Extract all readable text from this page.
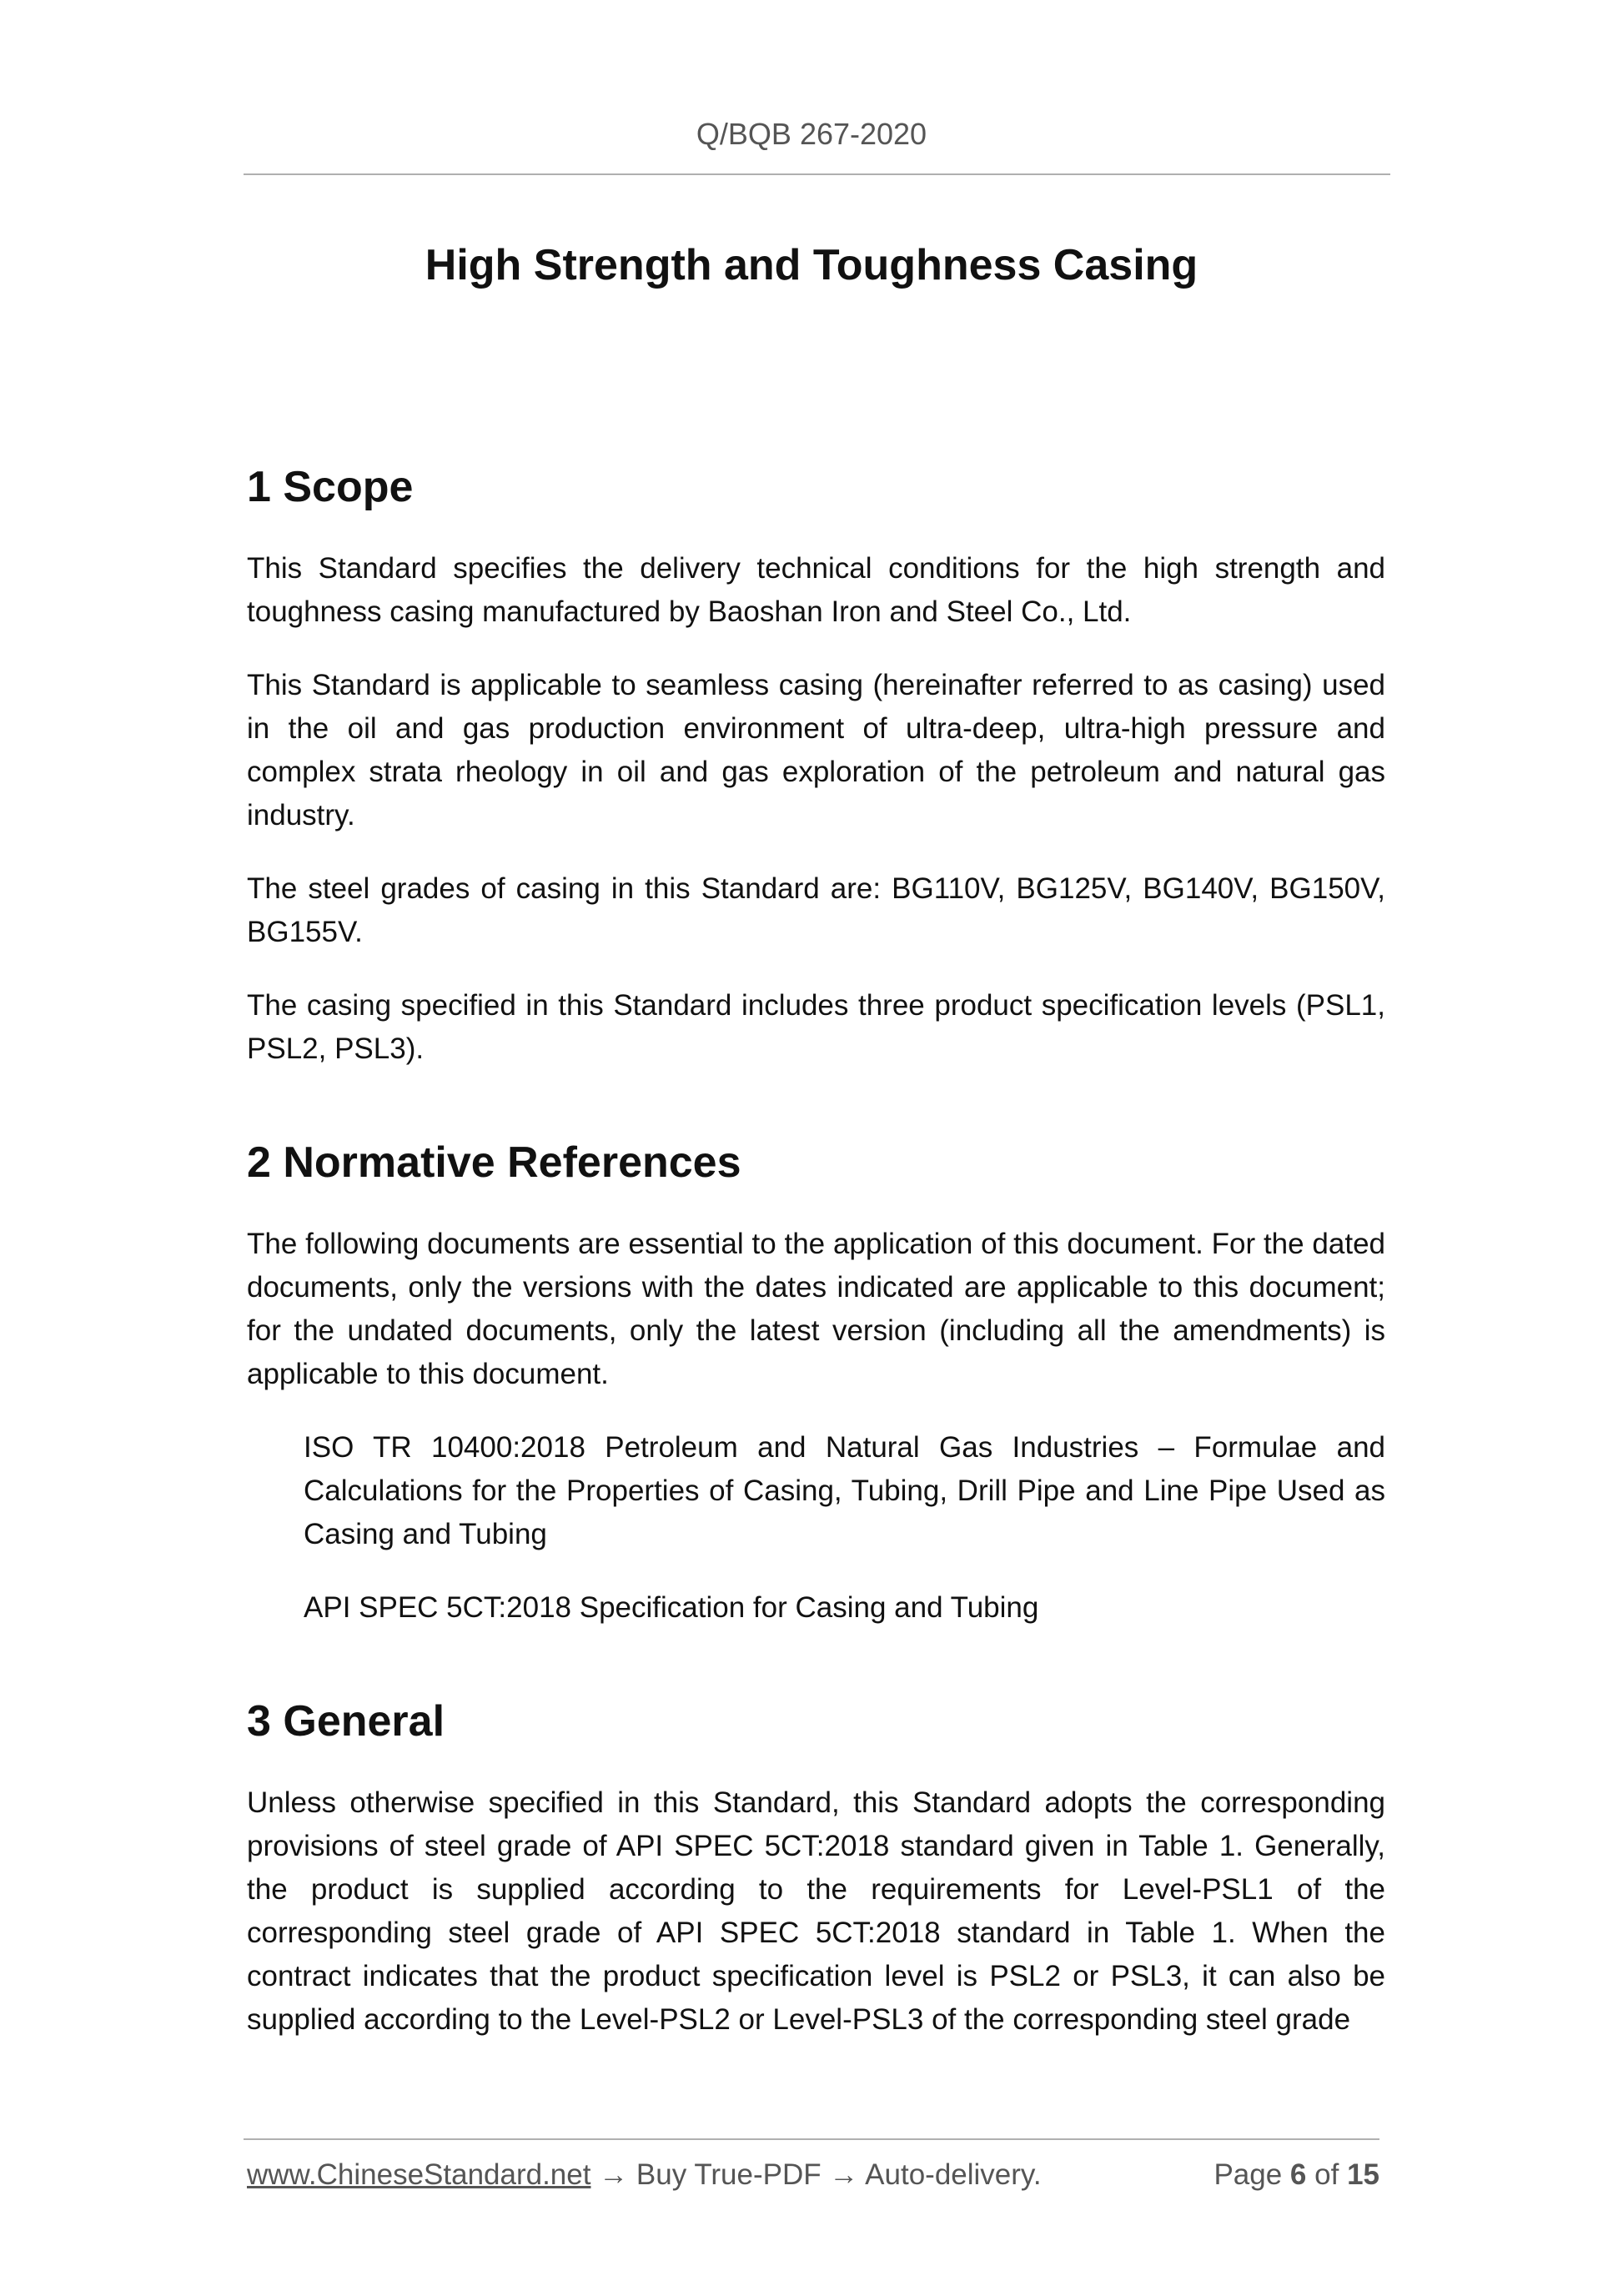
Q/BQB 267-2020
High Strength and Toughness Casing
1 Scope

This Standard specifies the delivery technical conditions for the high strength and toughness casing manufactured by Baoshan Iron and Steel Co., Ltd.

This Standard is applicable to seamless casing (hereinafter referred to as casing) used in the oil and gas production environment of ultra-deep, ultra-high pressure and complex strata rheology in oil and gas exploration of the petroleum and natural gas industry.

The steel grades of casing in this Standard are: BG110V, BG125V, BG140V, BG150V, BG155V.

The casing specified in this Standard includes three product specification levels (PSL1, PSL2, PSL3).

2 Normative References

The following documents are essential to the application of this document. For the dated documents, only the versions with the dates indicated are applicable to this document; for the undated documents, only the latest version (including all the amendments) is applicable to this document.

ISO TR 10400:2018 Petroleum and Natural Gas Industries – Formulae and Calculations for the Properties of Casing, Tubing, Drill Pipe and Line Pipe Used as Casing and Tubing

API SPEC 5CT:2018 Specification for Casing and Tubing

3 General

Unless otherwise specified in this Standard, this Standard adopts the corresponding provisions of steel grade of API SPEC 5CT:2018 standard given in Table 1. Generally, the product is supplied according to the requirements for Level-PSL1 of the corresponding steel grade of API SPEC 5CT:2018 standard in Table 1. When the contract indicates that the product specification level is PSL2 or PSL3, it can also be supplied according to the Level-PSL2 or Level-PSL3 of the corresponding steel grade

www.ChineseStandard.net → Buy True-PDF → Auto-delivery.	Page 6 of 15
